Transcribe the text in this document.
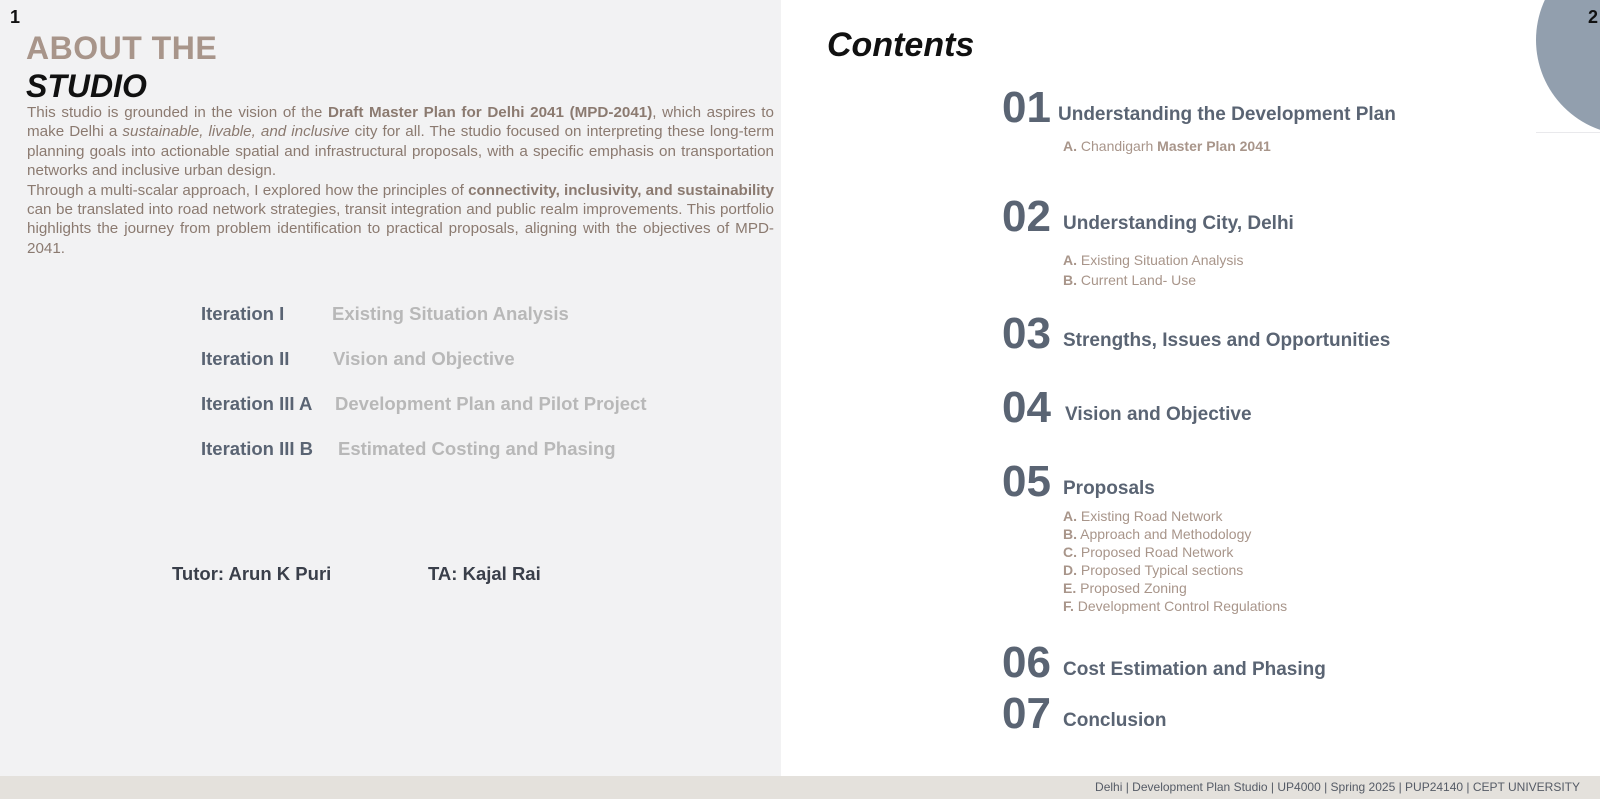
1
ABOUT THE
STUDIO

This studio is grounded in the vision of the Draft Master Plan for Delhi 2041 (MPD-2041), which aspires to make Delhi a sustainable, livable, and inclusive city for all. The studio focused on interpreting these long-term planning goals into actionable spatial and infrastructural proposals, with a specific emphasis on transportation networks and inclusive urban design.

Through a multi-scalar approach, I explored how the principles of connectivity, inclusivity, and sustainability can be translated into road network strategies, transit integration and public realm improvements. This portfolio highlights the journey from problem identification to practical proposals, aligning with the objectives of MPD-2041.

Iteration I	Existing Situation Analysis
Iteration II Vision and Objective
Iteration III A Development Plan and Pilot Project
Iteration III B Estimated Costing and Phasing
Tutor: Arun K Puri	TA: Kajal Rai
2
Contents
01 Understanding the Development Plan
A. Chandigarh Master Plan 2041
02 Understanding City, Delhi
A. Existing Situation Analysis
B. Current Land- Use
03 Strengths, Issues and Opportunities
04 Vision and Objective
05 Proposals
A. Existing Road Network
B. Approach and Methodology
C. Proposed Road Network
D. Proposed Typical sections
E. Proposed Zoning
F. Development Control Regulations
06 Cost Estimation and Phasing
07 Conclusion
Delhi | Development Plan Studio | UP4000 | Spring 2025 | PUP24140 | CEPT UNIVERSITY
